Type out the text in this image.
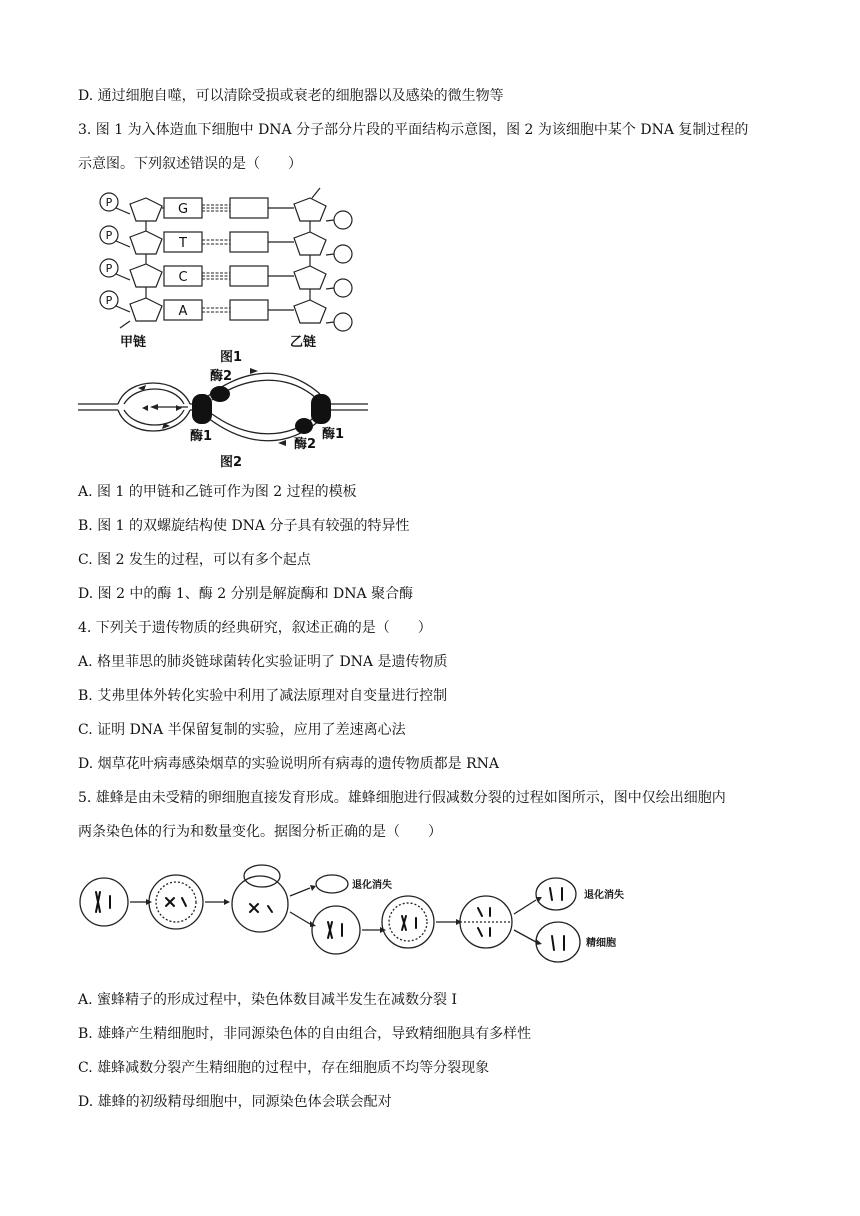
D. 通过细胞自噬，可以清除受损或衰老的细胞器以及感染的微生物等
3. 图 1 为入体造血下细胞中 DNA 分子部分片段的平面结构示意图，图 2 为该细胞中某个 DNA 复制过程的
示意图。下列叙述错误的是（　　）
P
P
P
P
G
T
C
A
甲链	乙链
图1
酶2
酶1
酶2
酶1
图2
A. 图 1 的甲链和乙链可作为图 2 过程的模板
B. 图 1 的双螺旋结构使 DNA 分子具有较强的特异性
C. 图 2 发生的过程，可以有多个起点
D. 图 2 中的酶 1、酶 2 分别是解旋酶和 DNA 聚合酶
4. 下列关于遗传物质的经典研究，叙述正确的是（　　）
A. 格里菲思的肺炎链球菌转化实验证明了 DNA 是遗传物质
B. 艾弗里体外转化实验中利用了减法原理对自变量进行控制
C. 证明 DNA 半保留复制的实验，应用了差速离心法
D. 烟草花叶病毒感染烟草的实验说明所有病毒的遗传物质都是 RNA
5. 雄蜂是由未受精的卵细胞直接发育形成。雄蜂细胞进行假减数分裂的过程如图所示，图中仅绘出细胞内
两条染色体的行为和数量变化。据图分析正确的是（　　）
退化消失
退化消失
精细胞
A. 蜜蜂精子的形成过程中，染色体数目减半发生在减数分裂 I
B. 雄蜂产生精细胞时，非同源染色体的自由组合，导致精细胞具有多样性
C. 雄蜂减数分裂产生精细胞的过程中，存在细胞质不均等分裂现象
D. 雄蜂的初级精母细胞中，同源染色体会联会配对
